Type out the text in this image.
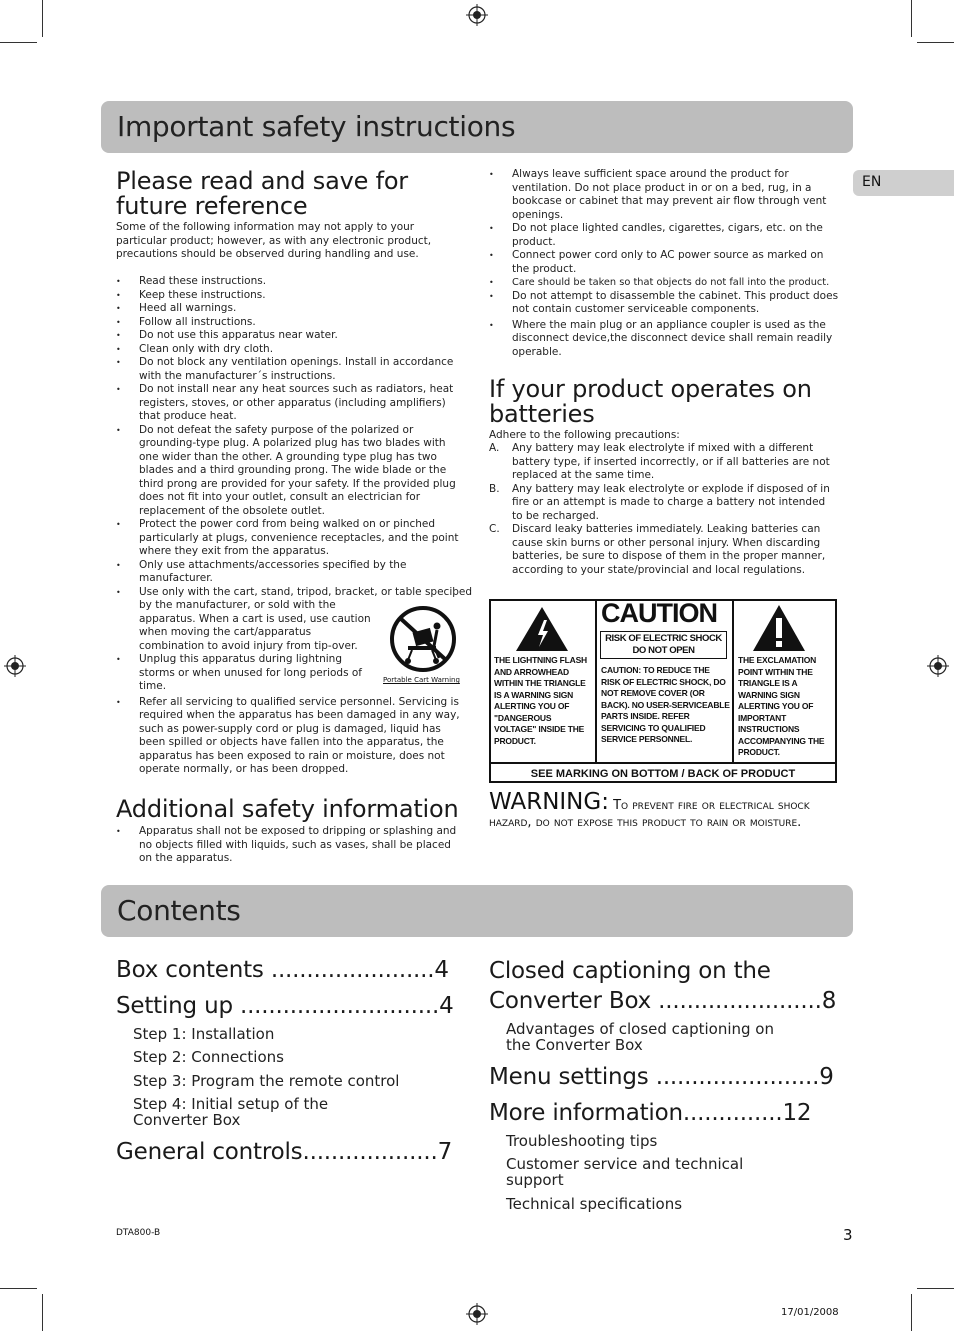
Important safety instructions
EN
Please read and save for
future reference
Some of the following information may not apply to your particular product; however, as with any electronic product, precautions should be observed during handling and use.
• Read these instructions.
• Keep these instructions.
• Heed all warnings.
• Follow all instructions.
• Do not use this apparatus near water.
• Clean only with dry cloth.
• Do not block any ventilation openings. Install in accordance with the manufacturer´s instructions.
• Do not install near any heat sources such as radiators, heat registers, stoves, or other apparatus (including amplifiers) that produce heat.
• Do not defeat the safety purpose of the polarized or grounding-type plug. A polarized plug has two blades with one wider than the other. A grounding type plug has two blades and a third grounding prong. The wide blade or the third prong are provided for your safety. If the provided plug does not fit into your outlet, consult an electrician for replacement of the obsolete outlet.
• Protect the power cord from being walked on or pinched particularly at plugs, convenience receptacles, and the point where they exit from the apparatus.
• Only use attachments/accessories specified by the manufacturer.
• Use only with the cart, stand, tripod, bracket, or table speciþed
by the manufacturer, or sold with the apparatus. When a cart is used, use caution when moving the cart/apparatus combination to avoid injury from tip-over.
• Unplug this apparatus during lightning storms or when unused for long periods of time.
• Refer all servicing to qualified service personnel. Servicing is required when the apparatus has been damaged in any way, such as power-supply cord or plug is damaged, liquid has been spilled or objects have fallen into the apparatus, the apparatus has been exposed to rain or moisture, does not operate normally, or has been dropped.
Portable Cart Warning
Additional safety information
• Apparatus shall not be exposed to dripping or splashing and no objects filled with liquids, such as vases, shall be placed on the apparatus.
• Always leave sufficient space around the product for ventilation. Do not place product in or on a bed, rug, in a bookcase or cabinet that may prevent air flow through vent openings.
• Do not place lighted candles, cigarettes, cigars, etc. on the product.
• Connect power cord only to AC power source as marked on the product.
• Care should be taken so that objects do not fall into the product.
• Do not attempt to disassemble the cabinet. This product does not contain customer serviceable components.
• Where the main plug or an appliance coupler is used as the disconnect device,the disconnect device shall remain readily operable.
If your product operates on
batteries
Adhere to the following precautions:
A. Any battery may leak electrolyte if mixed with a different battery type, if inserted incorrectly, or if all batteries are not replaced at the same time.
B. Any battery may leak electrolyte or explode if disposed of in fire or an attempt is made to charge a battery not intended to be recharged.
C. Discard leaky batteries immediately. Leaking batteries can cause skin burns or other personal injury. When discarding batteries, be sure to dispose of them in the proper manner, according to your state/provincial and local regulations.
THE LIGHTNING FLASH AND ARROWHEAD WITHIN THE TRIANGLE IS A WARNING SIGN ALERTING YOU OF "DANGEROUS VOLTAGE" INSIDE THE PRODUCT.
CAUTION
RISK OF ELECTRIC SHOCK
DO NOT OPEN
CAUTION: TO REDUCE THE RISK OF ELECTRIC SHOCK, DO NOT REMOVE COVER (OR BACK). NO USER-SERVICEABLE PARTS INSIDE. REFER SERVICING TO QUALIFIED SERVICE PERSONNEL.
THE EXCLAMATION POINT WITHIN THE TRIANGLE IS A WARNING SIGN ALERTING YOU OF IMPORTANT INSTRUCTIONS ACCOMPANYING THE PRODUCT.
SEE MARKING ON BOTTOM / BACK OF PRODUCT
WARNING: To prevent fire or electrical shock hazard, do not expose this product to rain or moisture.
Contents
Box contents .......................4
Setting up ............................4
Step 1: Installation
Step 2: Connections
Step 3: Program the remote control
Step 4: Initial setup of the
Converter Box
General controls...................7
Closed captioning on the
Converter Box .......................8
Advantages of closed captioning on
the Converter Box
Menu settings .......................9
More information..............12
Troubleshooting tips
Customer service and technical
support
Technical specifications
DTA800-B	3
17/01/2008
